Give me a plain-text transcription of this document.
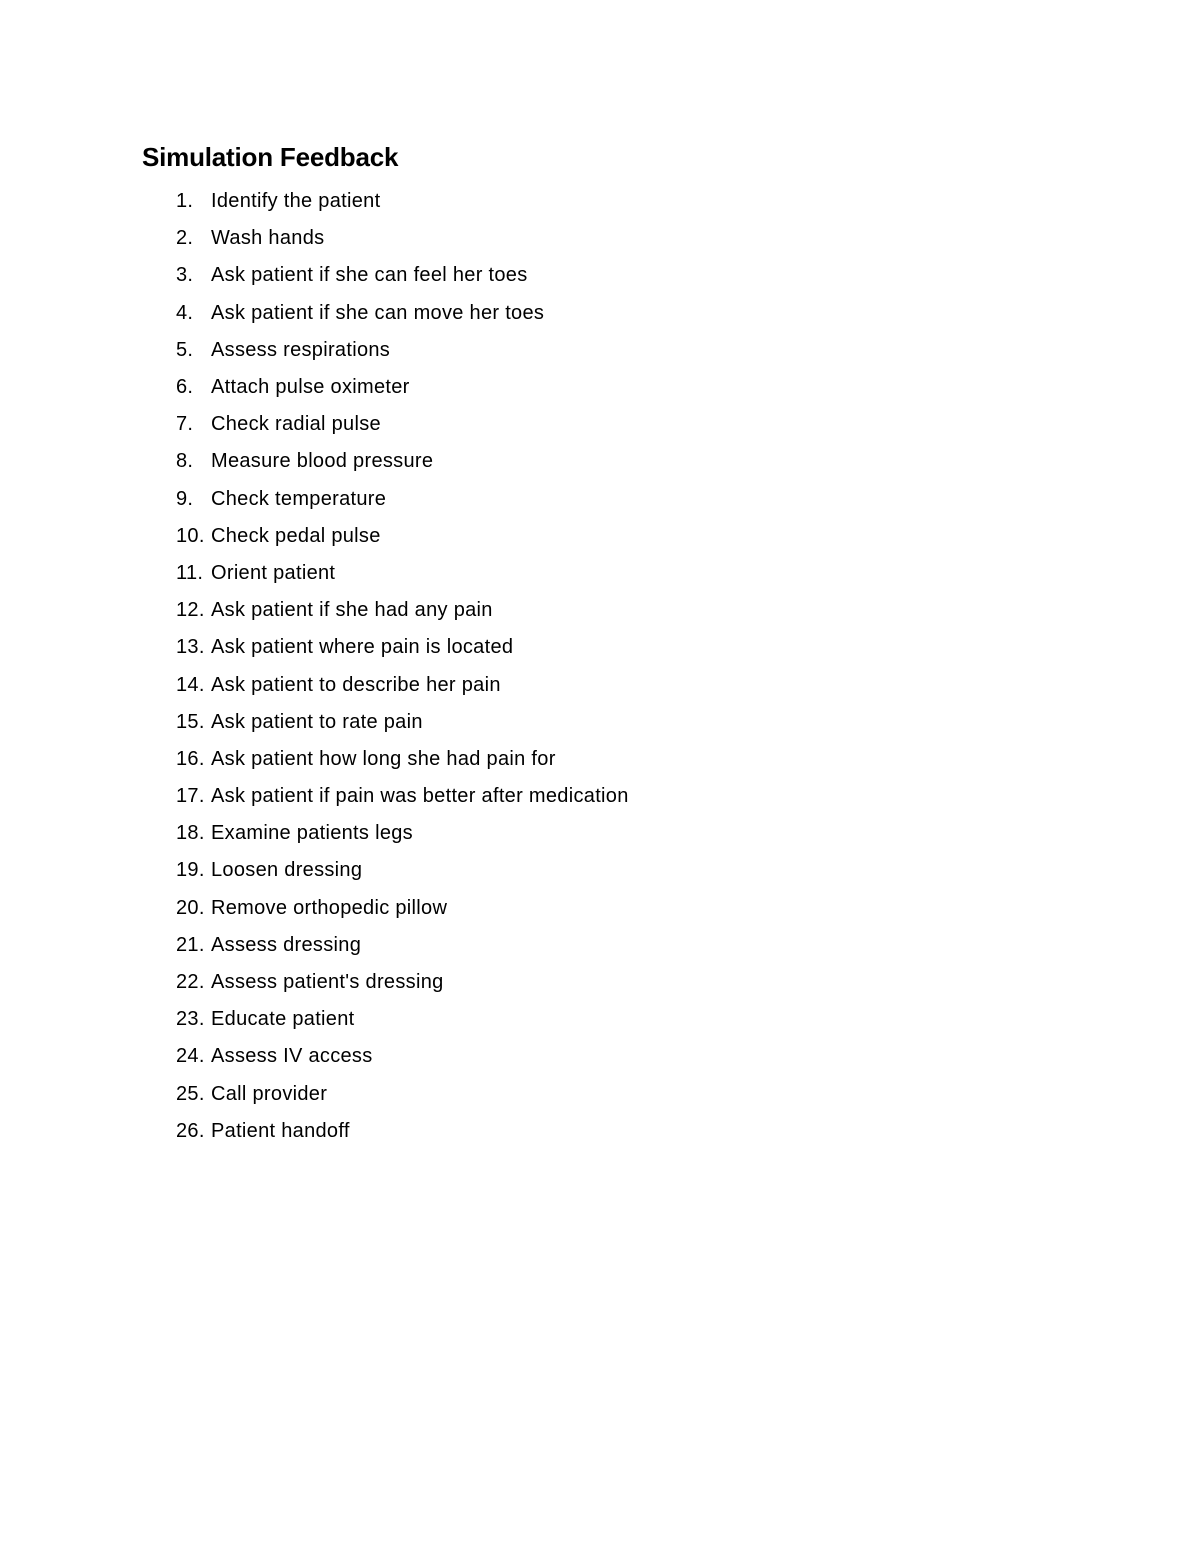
Simulation Feedback
1. Identify the patient
2. Wash hands
3. Ask patient if she can feel her toes
4. Ask patient if she can move her toes
5. Assess respirations
6. Attach pulse oximeter
7. Check radial pulse
8. Measure blood pressure
9. Check temperature
10. Check pedal pulse
11. Orient patient
12. Ask patient if she had any pain
13. Ask patient where pain is located
14. Ask patient to describe her pain
15. Ask patient to rate pain
16. Ask patient how long she had pain for
17. Ask patient if pain was better after medication
18. Examine patients legs
19. Loosen dressing
20. Remove orthopedic pillow
21. Assess dressing
22. Assess patient's dressing
23. Educate patient
24. Assess IV access
25. Call provider
26. Patient handoff
